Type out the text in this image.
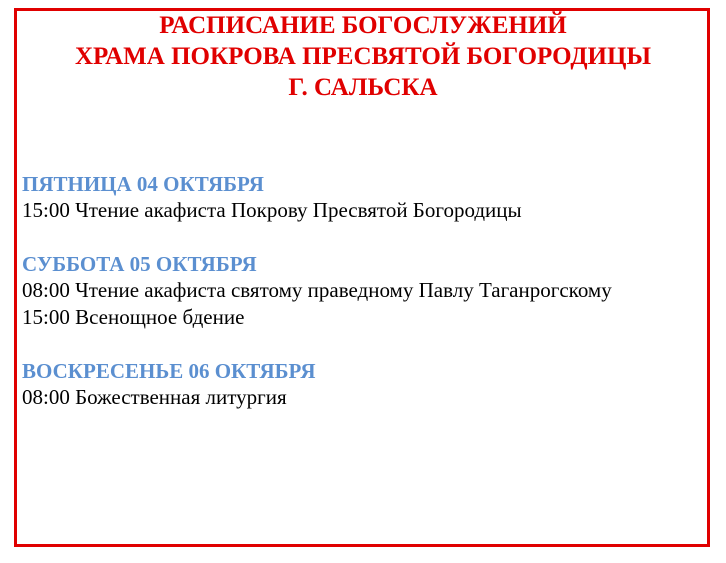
РАСПИСАНИЕ БОГОСЛУЖЕНИЙ
ХРАМА ПОКРОВА ПРЕСВЯТОЙ БОГОРОДИЦЫ
Г. САЛЬСКА
ПЯТНИЦА 04 ОКТЯБРЯ
15:00 Чтение акафиста Покрову Пресвятой Богородицы
СУББОТА 05 ОКТЯБРЯ
08:00 Чтение акафиста святому праведному Павлу Таганрогскому
15:00 Всенощное бдение
ВОСКРЕСЕНЬЕ 06 ОКТЯБРЯ
08:00 Божественная литургия
